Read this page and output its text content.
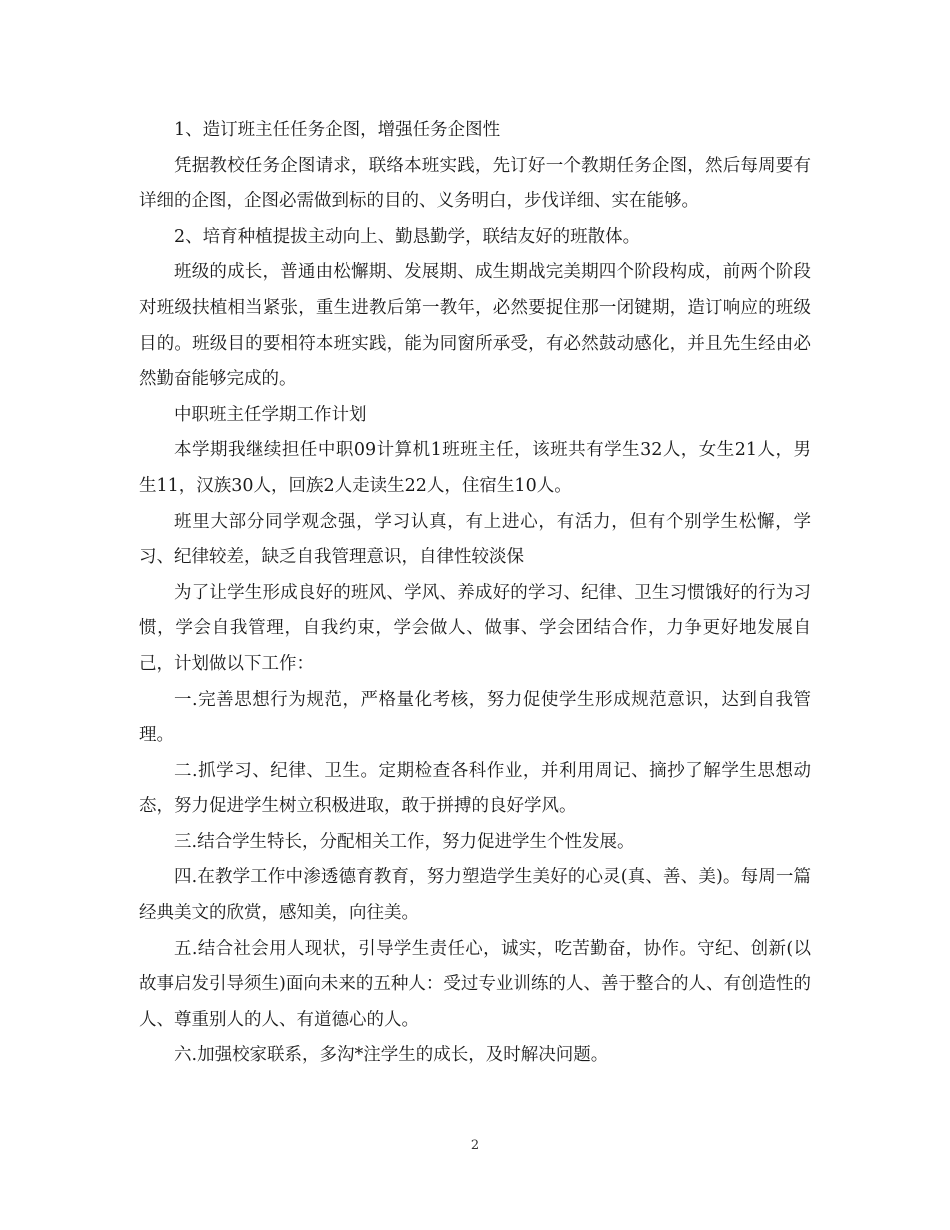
1、造订班主任任务企图，增强任务企图性

凭据教校任务企图请求，联络本班实践，先订好一个教期任务企图，然后每周要有详细的企图，企图必需做到标的目的、义务明白，步伐详细、实在能够。

2、培育种植提拔主动向上、勤恳勤学，联结友好的班散体。

班级的成长，普通由松懈期、发展期、成生期战完美期四个阶段构成，前两个阶段对班级扶植相当紧张，重生进教后第一教年，必然要捉住那一闭键期，造订响应的班级目的。班级目的要相符本班实践，能为同窗所承受，有必然鼓动感化，并且先生经由必然勤奋能够完成的。

中职班主任学期工作计划

本学期我继续担任中职09计算机1班班主任，该班共有学生32人，女生21人，男生11，汉族30人，回族2人走读生22人，住宿生10人。

班里大部分同学观念强，学习认真，有上进心，有活力，但有个别学生松懈，学习、纪律较差，缺乏自我管理意识，自律性较淡保

为了让学生形成良好的班风、学风、养成好的学习、纪律、卫生习惯饿好的行为习惯，学会自我管理，自我约束，学会做人、做事、学会团结合作，力争更好地发展自己，计划做以下工作：

一.完善思想行为规范，严格量化考核，努力促使学生形成规范意识，达到自我管理。

二.抓学习、纪律、卫生。定期检查各科作业，并利用周记、摘抄了解学生思想动态，努力促进学生树立积极进取，敢于拼搏的良好学风。

三.结合学生特长，分配相关工作，努力促进学生个性发展。

四.在教学工作中渗透德育教育，努力塑造学生美好的心灵(真、善、美)。每周一篇经典美文的欣赏，感知美，向往美。

五.结合社会用人现状，引导学生责任心，诚实，吃苦勤奋，协作。守纪、创新(以故事启发引导须生)面向未来的五种人：受过专业训练的人、善于整合的人、有创造性的人、尊重别人的人、有道德心的人。

六.加强校家联系，多沟*注学生的成长，及时解决问题。

2
